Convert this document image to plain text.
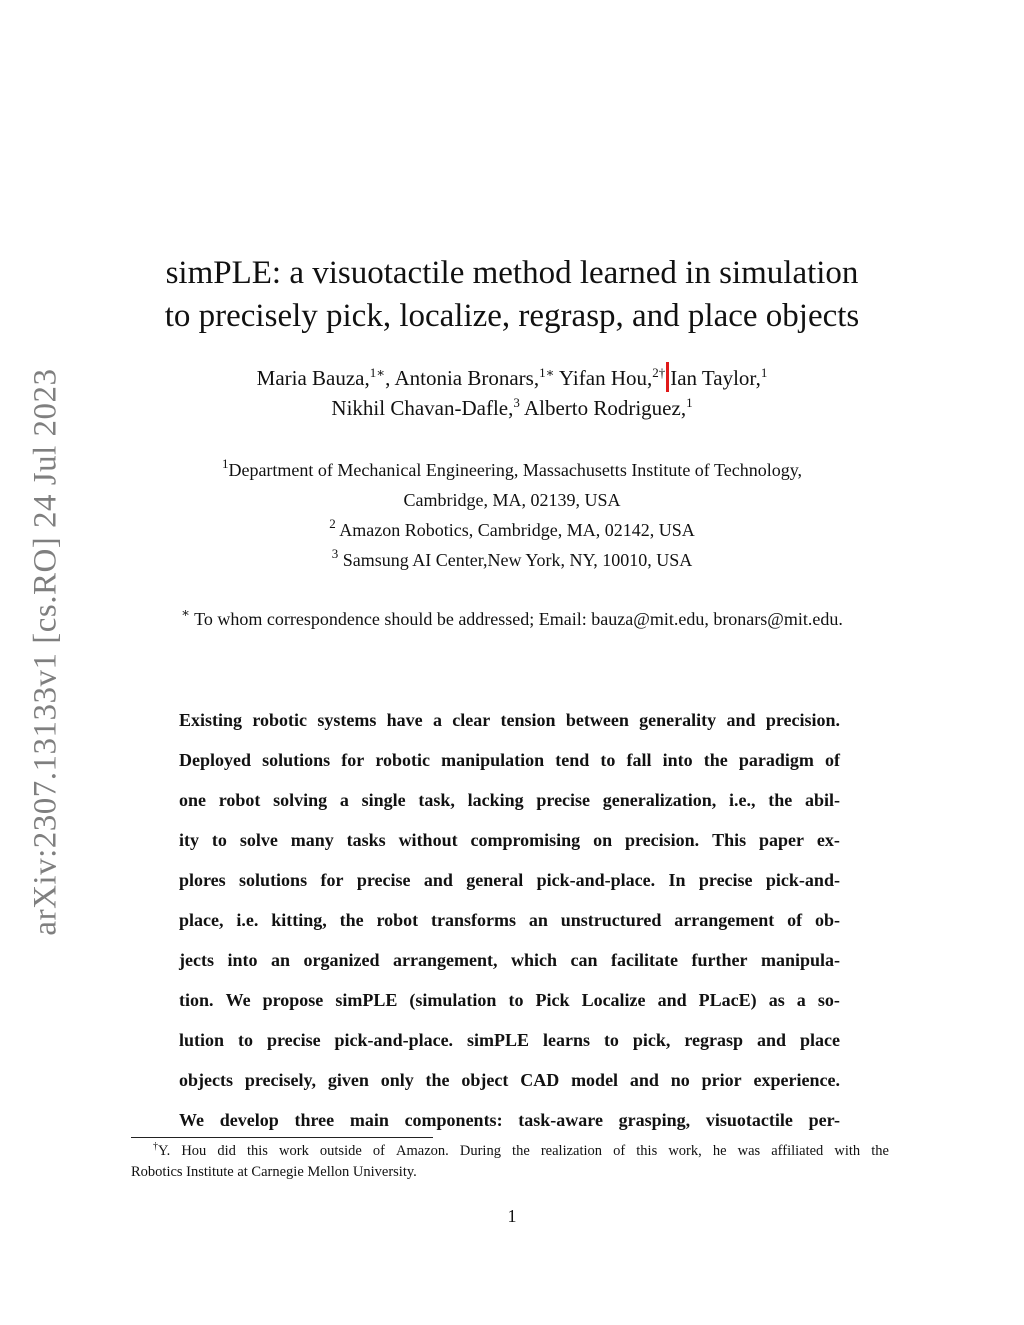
arXiv:2307.13133v1 [cs.RO] 24 Jul 2023
simPLE: a visuotactile method learned in simulation
to precisely pick, localize, regrasp, and place objects
Maria Bauza,$^{1∗}$, Antonia Bronars,$^{1∗}$ Yifan Hou,$^{2\dagger}$ Ian Taylor,$^1$
Nikhil Chavan-Dafle,$^3$ Alberto Rodriguez,$^1$
$^1$Department of Mechanical Engineering, Massachusetts Institute of Technology,
Cambridge, MA, 02139, USA
$^2$ Amazon Robotics, Cambridge, MA, 02142, USA
$^3$ Samsung AI Center,New York, NY, 10010, USA
∗ To whom correspondence should be addressed; Email: bauza@mit.edu, bronars@mit.edu.
Existing robotic systems have a clear tension between generality and precision.
Deployed solutions for robotic manipulation tend to fall into the paradigm of
one robot solving a single task, lacking precise generalization, i.e., the abil-
ity to solve many tasks without compromising on precision. This paper ex-
plores solutions for precise and general pick-and-place. In precise pick-and-
place, i.e. kitting, the robot transforms an unstructured arrangement of ob-
jects into an organized arrangement, which can facilitate further manipula-
tion. We propose simPLE (simulation to Pick Localize and PLacE) as a so-
lution to precise pick-and-place. simPLE learns to pick, regrasp and place
objects precisely, given only the object CAD model and no prior experience.
We develop three main components: task-aware grasping, visuotactile per-
†Y. Hou did this work outside of Amazon. During the realization of this work, he was affiliated with the
Robotics Institute at Carnegie Mellon University.
1
